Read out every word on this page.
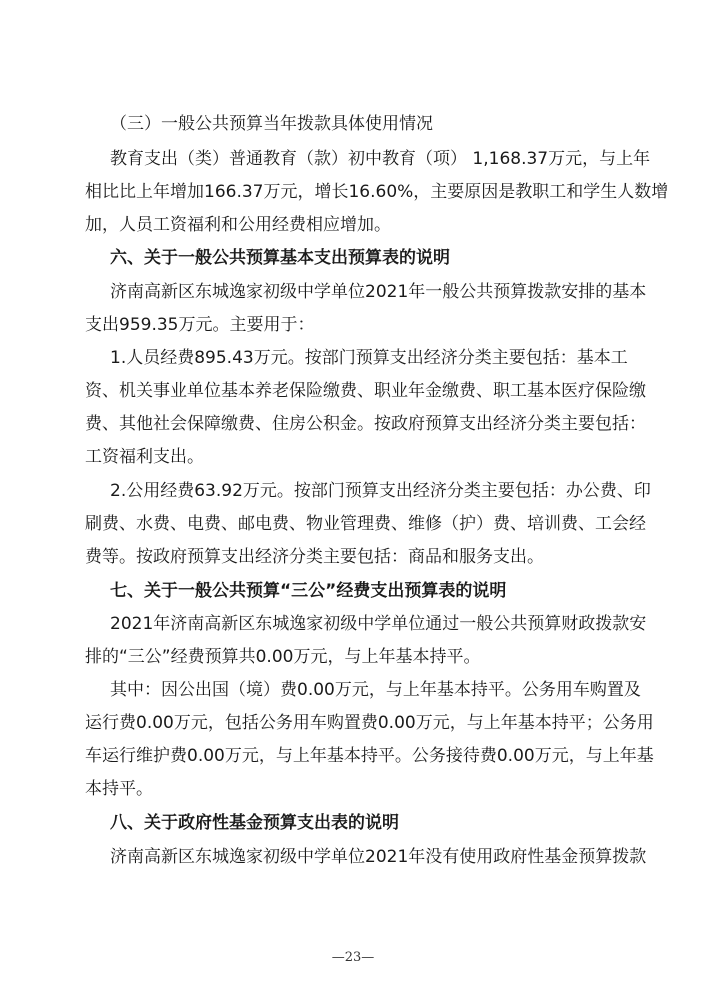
（三）一般公共预算当年拨款具体使用情况
教育支出（类）普通教育（款）初中教育（项） 1,168.37万元，与上年
相比比上年增加166.37万元，增长16.60%，主要原因是教职工和学生人数增
加，人员工资福利和公用经费相应增加。
六、关于一般公共预算基本支出预算表的说明
济南高新区东城逸家初级中学单位2021年一般公共预算拨款安排的基本
支出959.35万元。主要用于：
1.人员经费895.43万元。按部门预算支出经济分类主要包括：基本工
资、机关事业单位基本养老保险缴费、职业年金缴费、职工基本医疗保险缴
费、其他社会保障缴费、住房公积金。按政府预算支出经济分类主要包括：
工资福利支出。
2.公用经费63.92万元。按部门预算支出经济分类主要包括：办公费、印
刷费、水费、电费、邮电费、物业管理费、维修（护）费、培训费、工会经
费等。按政府预算支出经济分类主要包括：商品和服务支出。
七、关于一般公共预算“三公”经费支出预算表的说明
2021年济南高新区东城逸家初级中学单位通过一般公共预算财政拨款安
排的“三公”经费预算共0.00万元，与上年基本持平。
其中：因公出国（境）费0.00万元，与上年基本持平。公务用车购置及
运行费0.00万元，包括公务用车购置费0.00万元，与上年基本持平；公务用
车运行维护费0.00万元，与上年基本持平。公务接待费0.00万元，与上年基
本持平。
八、关于政府性基金预算支出表的说明
济南高新区东城逸家初级中学单位2021年没有使用政府性基金预算拨款
—23—
